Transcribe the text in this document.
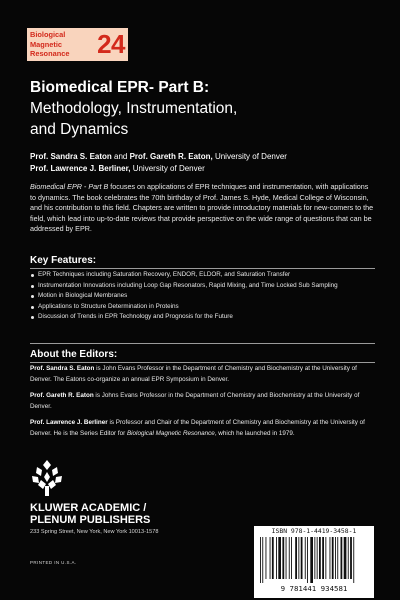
Biological
Magnetic
Resonance 24
Biomedical EPR- Part B:
Methodology, Instrumentation,
and Dynamics
Prof. Sandra S. Eaton and Prof. Gareth R. Eaton, University of Denver
Prof. Lawrence J. Berliner, University of Denver
Biomedical EPR - Part B focuses on applications of EPR techniques and instrumentation, with applications to dynamics. The book celebrates the 70th birthday of Prof. James S. Hyde, Medical College of Wisconsin, and his contribution to this field. Chapters are written to provide introductory materials for new-comers to the field, which lead into up-to-date reviews that provide perspective on the wide range of questions that can be addressed by EPR.
Key Features:
EPR Techniques including Saturation Recovery, ENDOR, ELDOR, and Saturation Transfer
Instrumentation Innovations including Loop Gap Resonators, Rapid Mixing, and Time Locked Sub Sampling
Motion in Biological Membranes
Applications to Structure Determination in Proteins
Discussion of Trends in EPR Technology and Prognosis for the Future
About the Editors:
Prof. Sandra S. Eaton is John Evans Professor in the Department of Chemistry and Biochemistry at the University of Denver. The Eatons co-organize an annual EPR Symposium in Denver.
Prof. Gareth R. Eaton is Johns Evans Professor in the Department of Chemistry and Biochemistry at the University of Denver.
Prof. Lawrence J. Berliner is Professor and Chair of the Department of Chemistry and Biochemistry at the University of Denver. He is the Series Editor for Biological Magnetic Resonance, which he launched in 1979.
KLUWER ACADEMIC /
PLENUM PUBLISHERS
233 Spring Street, New York, New York 10013-1578
PRINTED IN U.S.A.
ISBN 978-1-4419-3458-1
9 781441 934581
